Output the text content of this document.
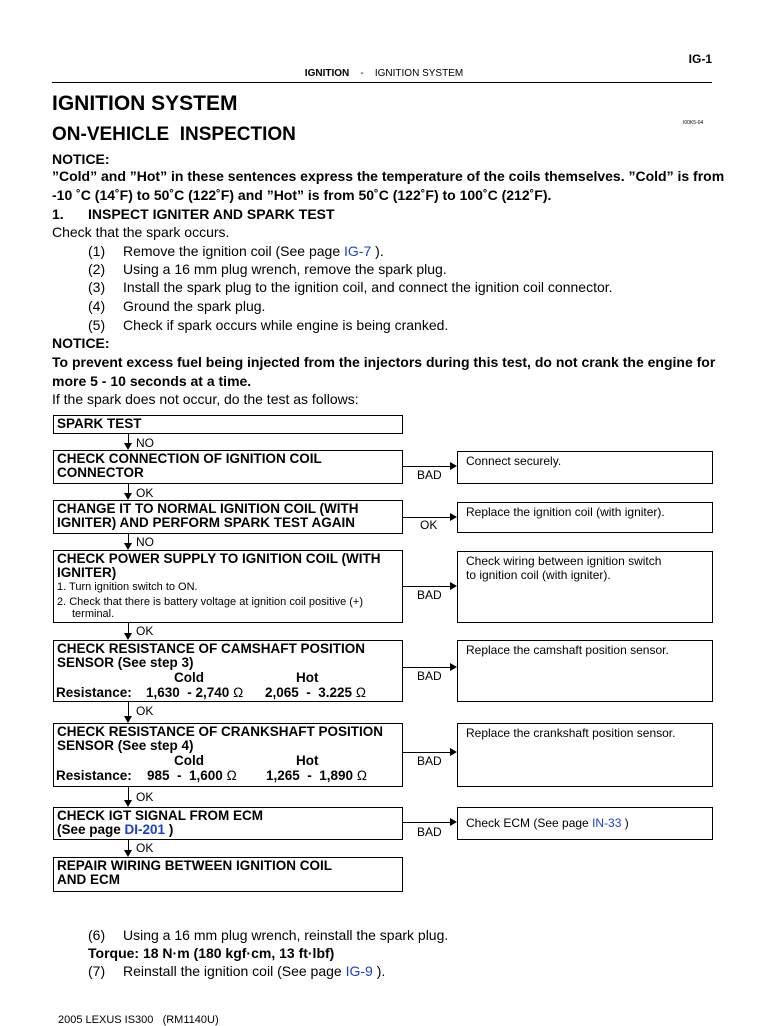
IG-1
IGNITION - IGNITION SYSTEM
IGNITION SYSTEM
I00K5-04
ON-VEHICLE  INSPECTION
NOTICE:
”Cold” and ”Hot” in these sentences express the temperature of the coils themselves. ”Cold” is from
-10 ˚C (14˚F) to 50˚C (122˚F) and ”Hot” is from 50˚C (122˚F) to 100˚C (212˚F).
1. INSPECT IGNITER AND SPARK TEST
Check that the spark occurs.
(1) Remove the ignition coil (See page IG-7 ).
(2) Using a 16 mm plug wrench, remove the spark plug.
(3) Install the spark plug to the ignition coil, and connect the ignition coil connector.
(4) Ground the spark plug.
(5) Check if spark occurs while engine is being cranked.
NOTICE:
To prevent excess fuel being injected from the injectors during this test, do not crank the engine for
more 5 - 10 seconds at a time.
If the spark does not occur, do the test as follows:
SPARK TEST
CHECK CONNECTION OF IGNITION COIL
CONNECTOR
CHANGE IT TO NORMAL IGNITION COIL (WITH
IGNITER) AND PERFORM SPARK TEST AGAIN
CHECK POWER SUPPLY TO IGNITION COIL (WITH
IGNITER)
1. Turn ignition switch to ON.
2. Check that there is battery voltage at ignition coil positive (+)
terminal.
CHECK RESISTANCE OF CAMSHAFT POSITION
SENSOR (See step 3)
Cold	Hot
Resistance: 1,630  - 2,740 Ω 2,065  -  3.225 Ω
CHECK RESISTANCE OF CRANKSHAFT POSITION
SENSOR (See step 4)
Cold	Hot
Resistance: 985  -  1,600 Ω 1,265  -  1,890 Ω
CHECK IGT SIGNAL FROM ECM
(See page DI-201 )
REPAIR WIRING BETWEEN IGNITION COIL
AND ECM
NO
OK
NO
OK
OK
OK
OK
BAD
Connect securely.
OK
Replace the ignition coil (with igniter).
BAD
Check wiring between ignition switch
to ignition coil (with igniter).
BAD
Replace the camshaft position sensor.
BAD
Replace the crankshaft position sensor.
BAD
Check ECM (See page IN-33 )
(6) Using a 16 mm plug wrench, reinstall the spark plug.
Torque: 18 N·m (180 kgf·cm, 13 ft·lbf)
(7) Reinstall the ignition coil (See page IG-9 ).
2005 LEXUS IS300   (RM1140U)
